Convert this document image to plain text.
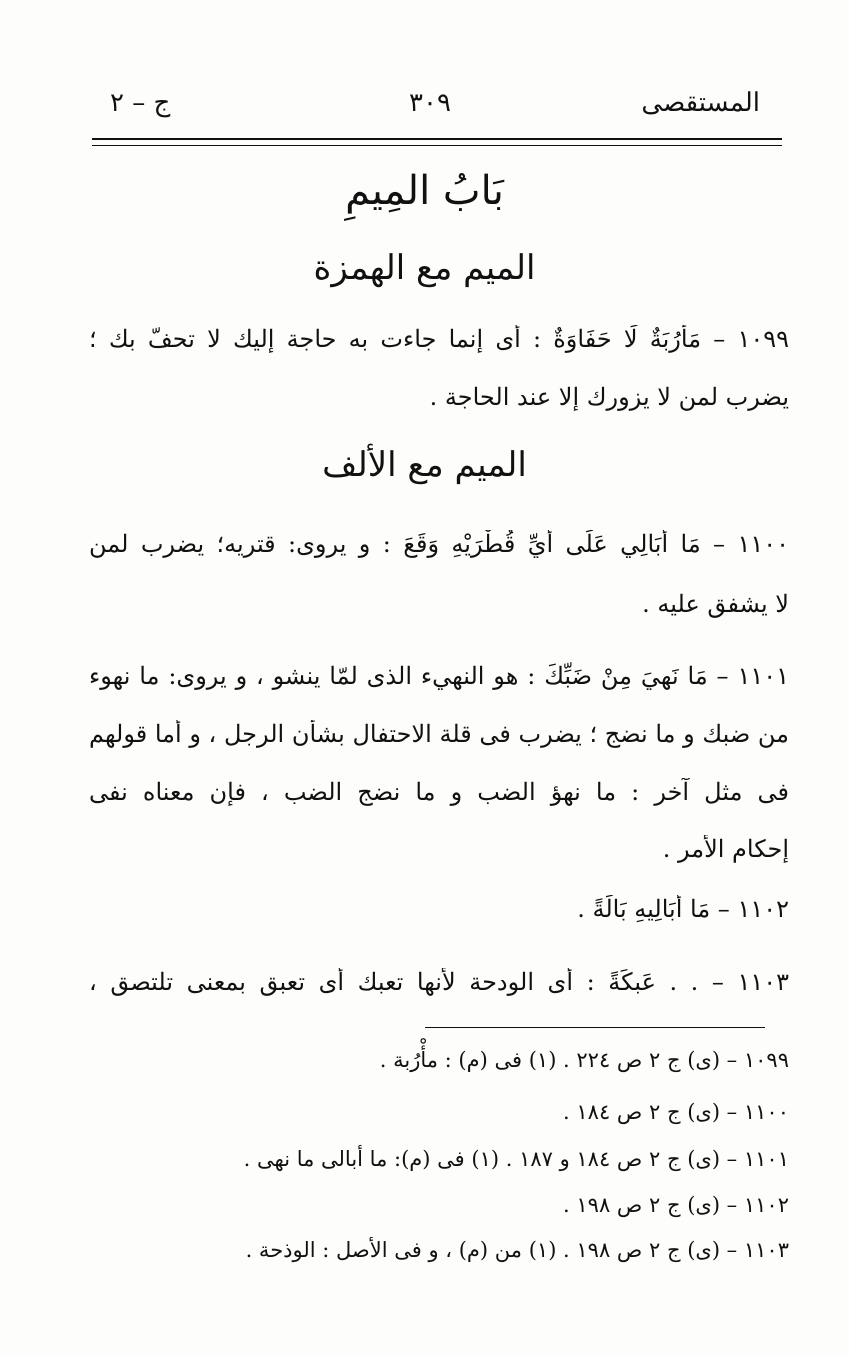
المستقصى
٣٠٩
ج – ٢
بَابُ المِيمِ
الميم مع الهمزة
١٠٩٩ – مَأْرُبَةٌ لَا حَفَاوَةٌ : أى إنما جاءت به حاجة إليك لا تحفّ بك ؛
يضرب لمن لا يزورك إلا عند الحاجة .
الميم مع الألف
١١٠٠ – مَا أُبَالِي عَلَى أَيِّ قُطْرَيْهِ وَقَعَ : و يروى: قتريه؛ يضرب لمن
لا يشفق عليه .
١١٠١ – مَا نَهِيَ مِنْ ضَبِّكَ : هو النهيء الذى لمّا ينشو ، و يروى: ما نهوء
من ضبك و ما نضج ؛ يضرب فى قلة الاحتفال بشأن الرجل ، و أما قولهم
فى مثل آخر : ما نهؤ الضب و ما نضج الضب ، فإن معناه نفى
إحكام الأمر .
١١٠٢ – مَا أُبَالِيهِ بَالَةً .
١١٠٣ – . . عَبكَةً : أى الودحة لأنها تعبك أى تعبق بمعنى تلتصق ،
١٠٩٩ – (ى) ج ٢ ص ٢٢٤ . (١) فى (م) : مأْرُبة .
١١٠٠ – (ى) ج ٢ ص ١٨٤ .
١١٠١ – (ى) ج ٢ ص ١٨٤ و ١٨٧ . (١) فى (م): ما أبالى ما نهى .
١١٠٢ – (ى) ج ٢ ص ١٩٨ .
١١٠٣ – (ى) ج ٢ ص ١٩٨ . (١) من (م) ، و فى الأصل : الوذحة .
